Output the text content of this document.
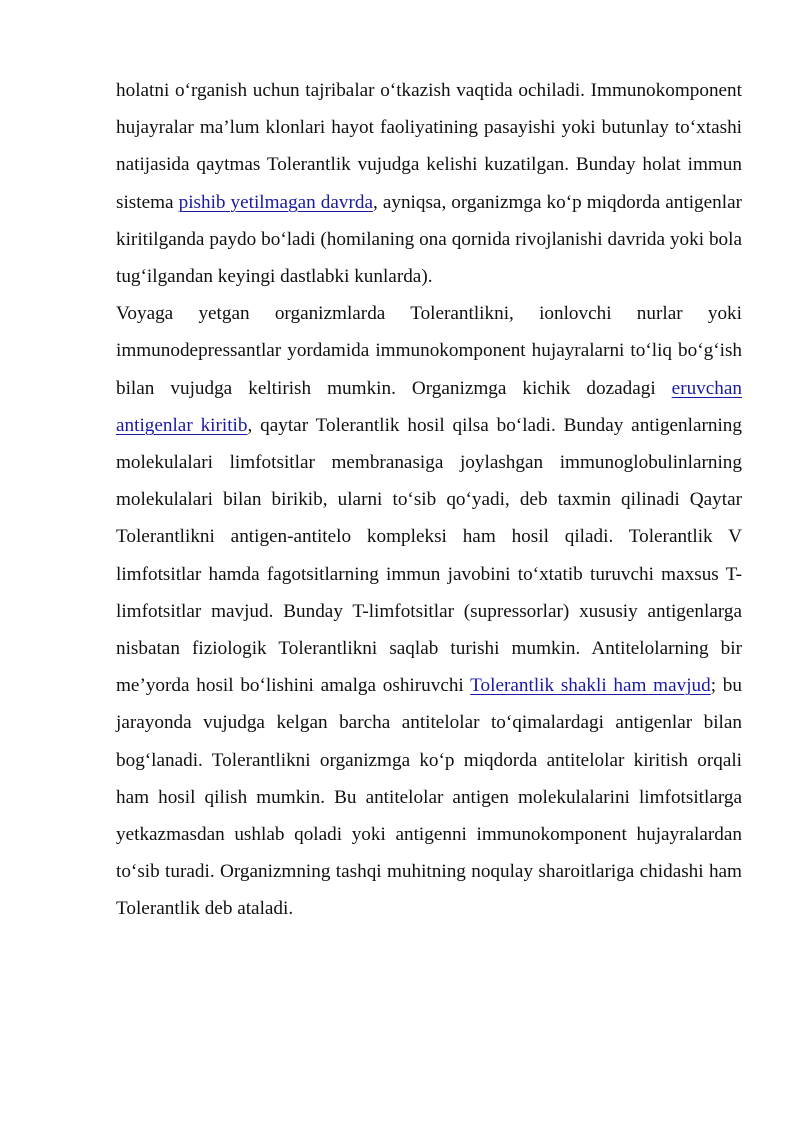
holatni o‘rganish uchun tajribalar o‘tkazish vaqtida ochiladi. Immunokomponent hujayralar ma’lum klonlari hayot faoliyatining pasayishi yoki butunlay to‘xtashi natijasida qaytmas Tolerantlik vujudga kelishi kuzatilgan. Bunday holat immun sistema pishib yetilmagan davrda, ayniqsa, organizmga ko‘p miqdorda antigenlar kiritilganda paydo bo‘ladi (homilaning ona qornida rivojlanishi davrida yoki bola tug‘ilgandan keyingi dastlabki kunlarda).

Voyaga yetgan organizmlarda Tolerantlikni, ionlovchi nurlar yoki immunodepressantlar yordamida immunokomponent hujayralarni to‘liq bo‘g‘ish bilan vujudga keltirish mumkin. Organizmga kichik dozadagi eruvchan antigenlar kiritib, qaytar Tolerantlik hosil qilsa bo‘ladi. Bunday antigenlarning molekulalari limfotsitlar membranasiga joylashgan immunoglobulinlarning molekulalari bilan birikib, ularni to‘sib qo‘yadi, deb taxmin qilinadi Qaytar Tolerantlikni antigen-antitelo kompleksi ham hosil qiladi. Tolerantlik V limfotsitlar hamda fagotsitlarning immun javobini to‘xtatib turuvchi maxsus T-limfotsitlar mavjud. Bunday T-limfotsitlar (supressorlar) xususiy antigenlarga nisbatan fiziologik Tolerantlikni saqlab turishi mumkin. Antitelolarning bir me’yorda hosil bo‘lishini amalga oshiruvchi Tolerantlik shakli ham mavjud; bu jarayonda vujudga kelgan barcha antitelolar to‘qimalardagi antigenlar bilan bog‘lanadi. Tolerantlikni organizmga ko‘p miqdorda antitelolar kiritish orqali ham hosil qilish mumkin. Bu antitelolar antigen molekulalarini limfotsitlarga yetkazmasdan ushlab qoladi yoki antigenni immunokomponent hujayralardan to‘sib turadi. Organizmning tashqi muhitning noqulay sharoitlariga chidashi ham Tolerantlik deb ataladi.
